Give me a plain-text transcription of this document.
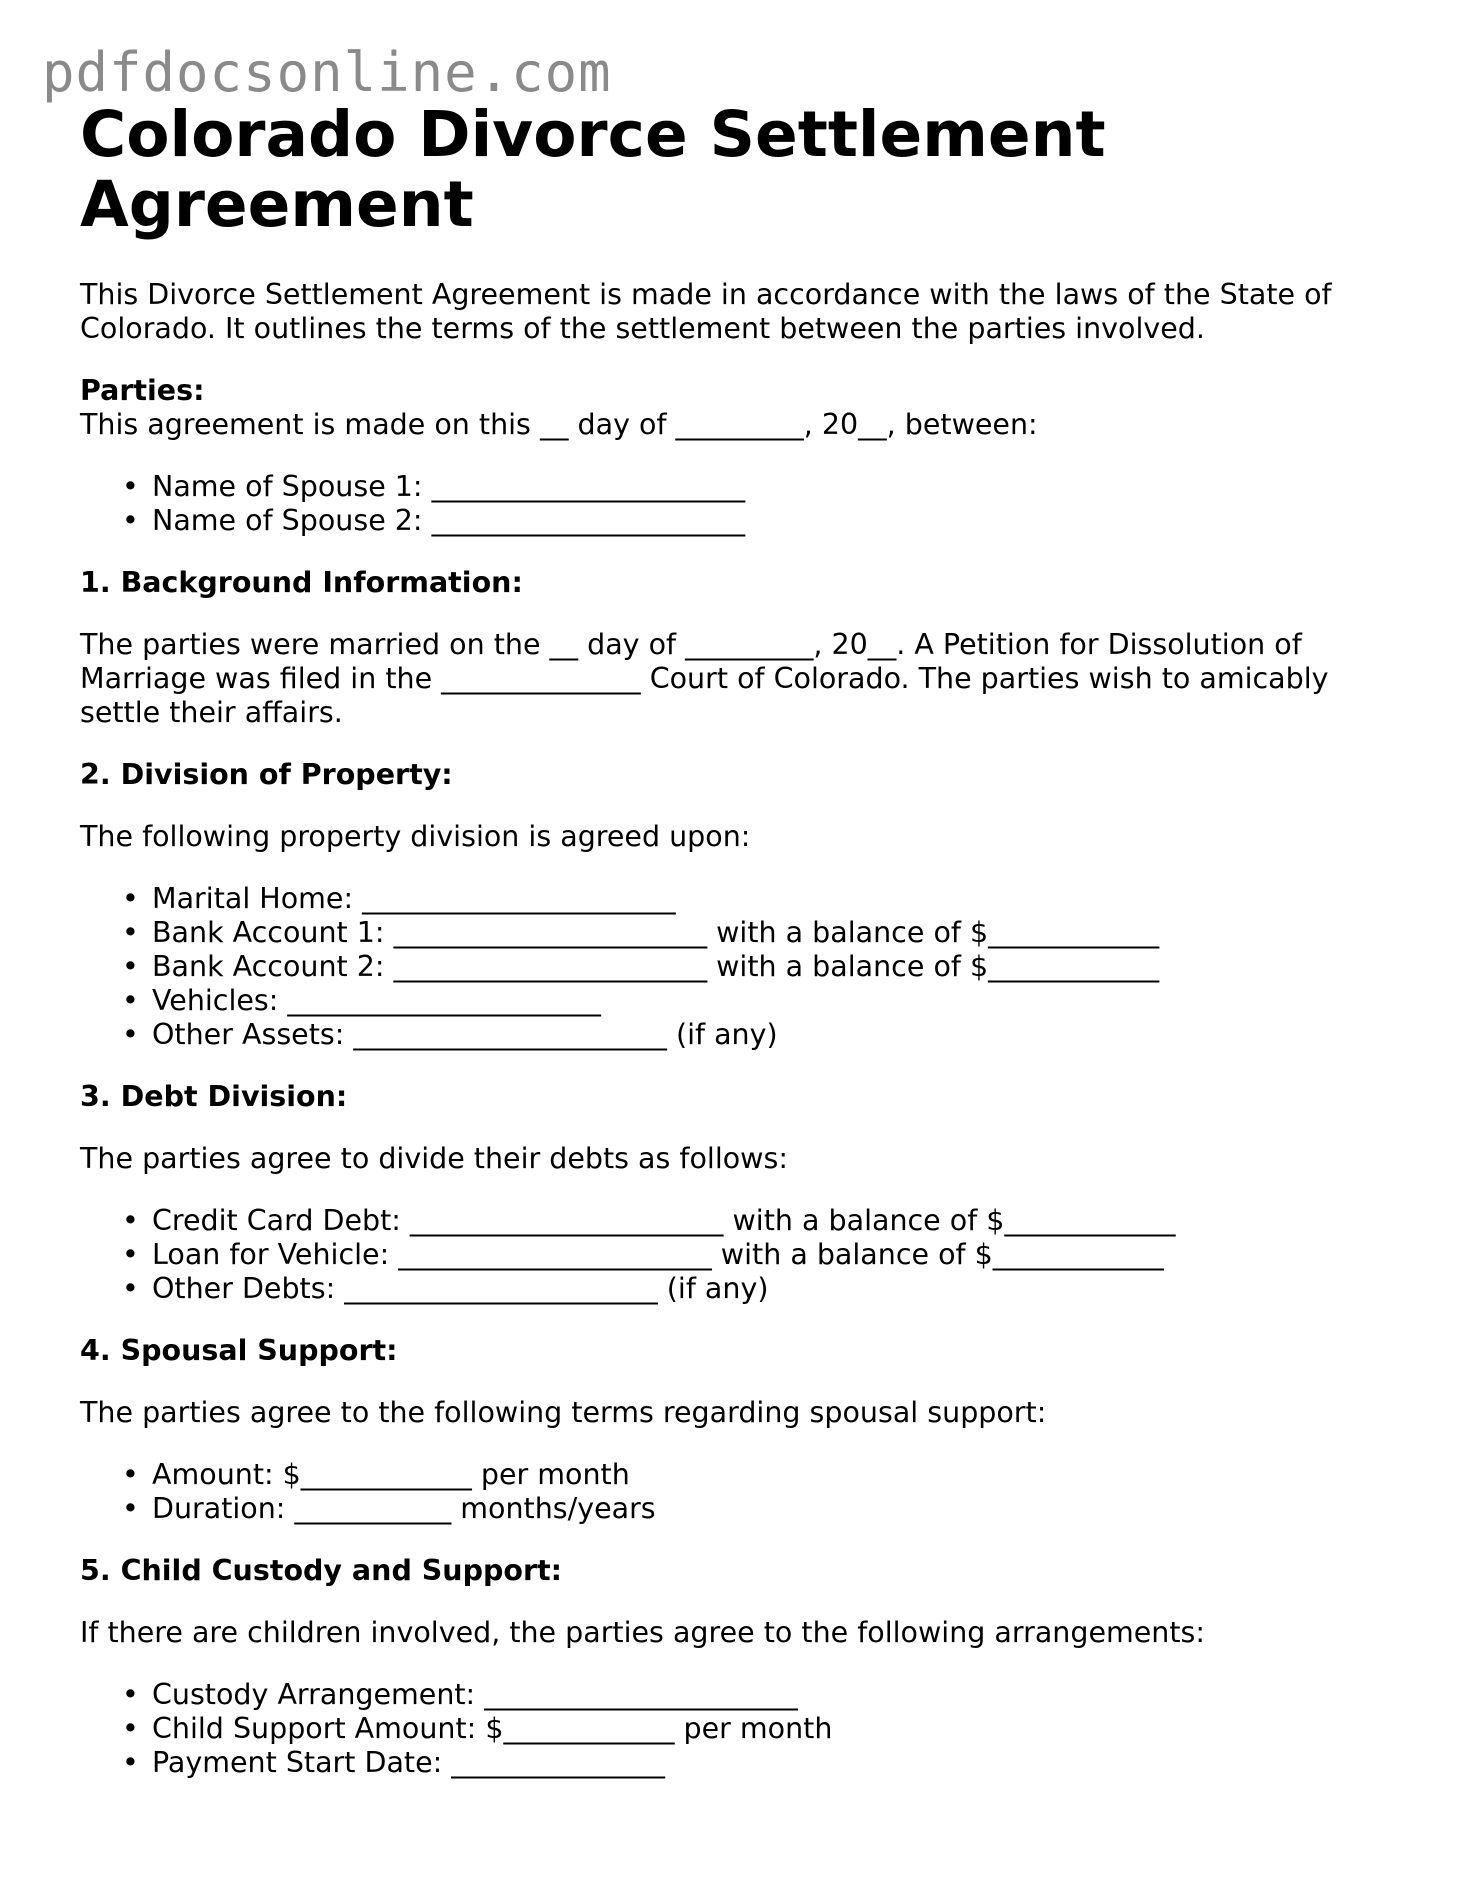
pdfdocsonline.com
Colorado Divorce Settlement
Agreement

This Divorce Settlement Agreement is made in accordance with the laws of the State of Colorado. It outlines the terms of the settlement between the parties involved.

Parties:

This agreement is made on this __ day of _________, 20__, between:

• Name of Spouse 1: ______________________
• Name of Spouse 2: ______________________

1. Background Information:

The parties were married on the __ day of _________, 20__. A Petition for Dissolution of Marriage was filed in the ______________ Court of Colorado. The parties wish to amicably settle their affairs.

2. Division of Property:

The following property division is agreed upon:

• Marital Home: ______________________
• Bank Account 1: ______________________ with a balance of $____________
• Bank Account 2: ______________________ with a balance of $____________
• Vehicles: ______________________
• Other Assets: ______________________ (if any)

3. Debt Division:

The parties agree to divide their debts as follows:

• Credit Card Debt: ______________________ with a balance of $____________
• Loan for Vehicle: ______________________ with a balance of $____________
• Other Debts: ______________________ (if any)

4. Spousal Support:

The parties agree to the following terms regarding spousal support:

• Amount: $____________ per month
• Duration: ___________ months/years

5. Child Custody and Support:

If there are children involved, the parties agree to the following arrangements:

• Custody Arrangement: ______________________
• Child Support Amount: $____________ per month
• Payment Start Date: _______________
